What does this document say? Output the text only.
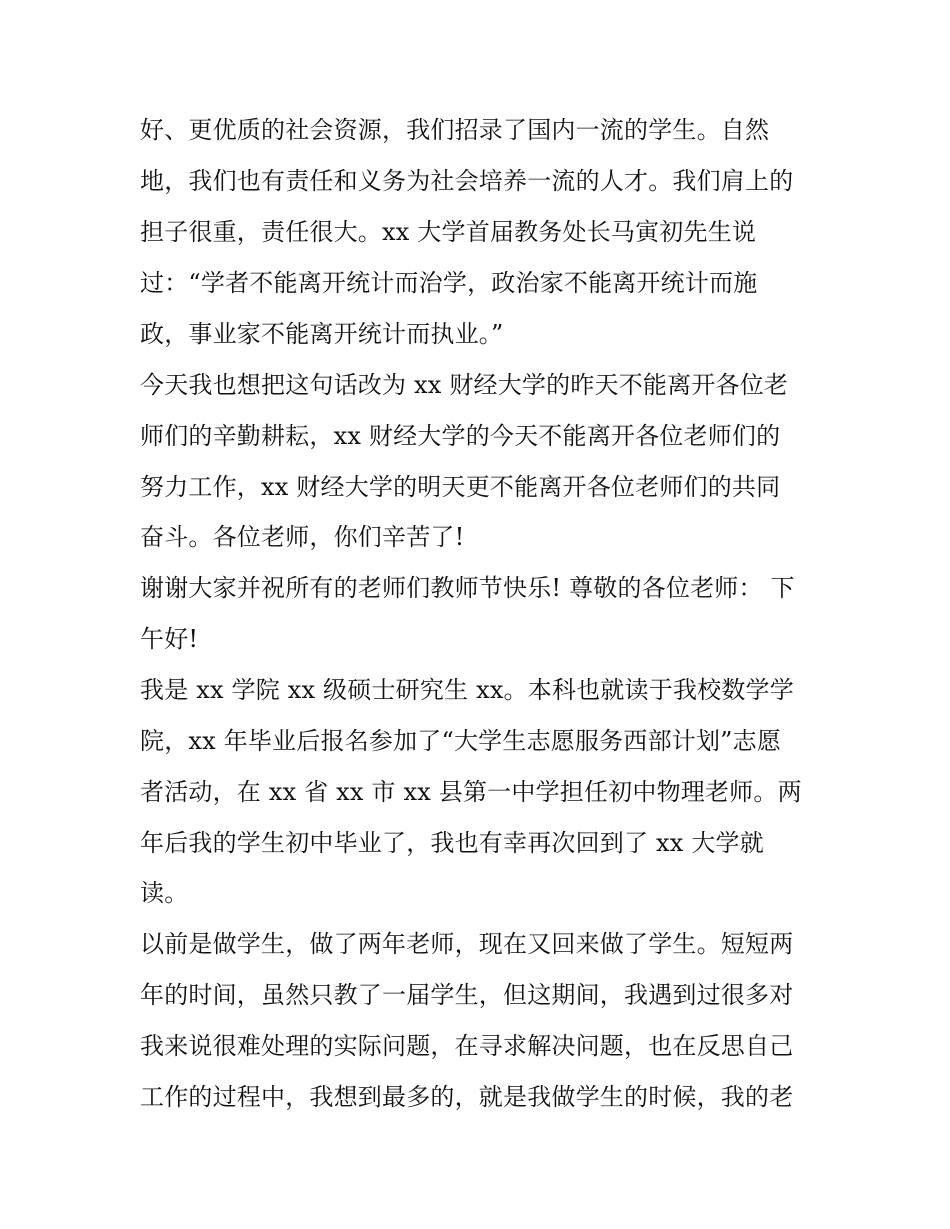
好、更优质的社会资源，我们招录了国内一流的学生。自然
地，我们也有责任和义务为社会培养一流的人才。我们肩上的
担子很重，责任很大。xx 大学首届教务处长马寅初先生说
过：“学者不能离开统计而治学，政治家不能离开统计而施
政，事业家不能离开统计而执业。”
今天我也想把这句话改为 xx 财经大学的昨天不能离开各位老
师们的辛勤耕耘，xx 财经大学的今天不能离开各位老师们的
努力工作，xx 财经大学的明天更不能离开各位老师们的共同
奋斗。各位老师，你们辛苦了!
谢谢大家并祝所有的老师们教师节快乐! 尊敬的各位老师： 下
午好!
我是 xx 学院 xx 级硕士研究生 xx。本科也就读于我校数学学
院，xx 年毕业后报名参加了“大学生志愿服务西部计划”志愿
者活动，在 xx 省 xx 市 xx 县第一中学担任初中物理老师。两
年后我的学生初中毕业了，我也有幸再次回到了 xx 大学就
读。
以前是做学生，做了两年老师，现在又回来做了学生。短短两
年的时间，虽然只教了一届学生，但这期间，我遇到过很多对
我来说很难处理的实际问题，在寻求解决问题，也在反思自己
工作的过程中，我想到最多的，就是我做学生的时候，我的老
